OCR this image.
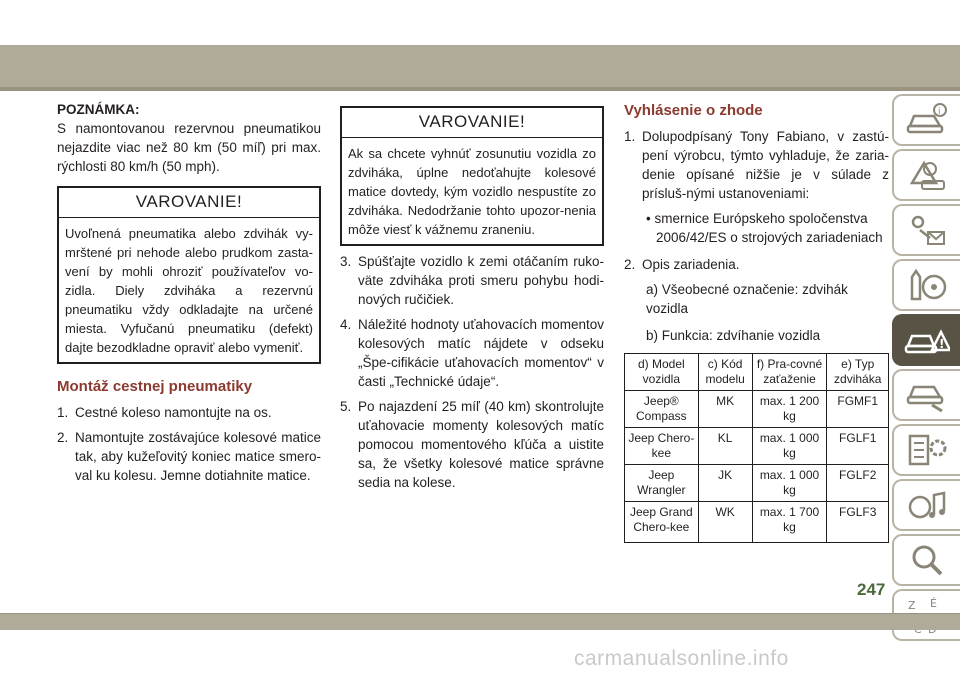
POZNÁMKA:

S namontovanou rezervnou pneumatikou nejazdite viac než 80 km (50 míľ) pri max. rýchlosti 80 km/h (50 mph).

VAROVANIE!
Uvoľnená pneumatika alebo zdvihák vy-mrštené pri nehode alebo prudkom zasta-vení by mohli ohroziť používateľov vo-zidla. Diely zdviháka a rezervnú pneumatiku vždy odkladajte na určené miesta. Vyfučanú pneumatiku (defekt) dajte bezodkladne opraviť alebo vymeniť.
Montáž cestnej pneumatiky
1. Cestné koleso namontujte na os.
2. Namontujte zostávajúce kolesové matice tak, aby kužeľovitý koniec matice smero-val ku kolesu. Jemne dotiahnite matice.
VAROVANIE!
Ak sa chcete vyhnúť zosunutiu vozidla zo zdviháka, úplne nedoťahujte kolesové matice dovtedy, kým vozidlo nespustíte zo zdviháka. Nedodržanie tohto upozor-nenia môže viesť k vážnemu zraneniu.
3. Spúšťajte vozidlo k zemi otáčaním ruko-väte zdviháka proti smeru pohybu hodi-nových ručičiek.
4. Náležité hodnoty uťahovacích momentov kolesových matíc nájdete v odseku „Špe-cifikácie uťahovacích momentov“ v časti „Technické údaje“.
5. Po najazdení 25 míľ (40 km) skontrolujte uťahovacie momenty kolesových matíc pomocou momentového kľúča a uistite sa, že všetky kolesové matice správne sedia na kolese.
Vyhlásenie o zhode
1. Dolupodpísaný Tony Fabiano, v zastú-pení výrobcu, týmto vyhladuje, že zaria-denie opísané nižšie je v súlade z prísluš-nými ustanoveniami:
• smernice Európskeho spoločenstva 2006/42/ES o strojových zariadeniach
2. Opis zariadenia.
a) Všeobecné označenie: zdvihák vozidla
b) Funkcia: zdvíhanie vozidla
d) Model vozidla	c) Kód modelu	f) Pra-covné zaťaženie	e) Typ zdviháka
Jeep® Compass	MK	max. 1 200 kg	FGMF1
Jeep Chero-kee	KL	max. 1 000 kg	FGLF1
Jeep Wrangler	JK	max. 1 000 kg	FGLF2
Jeep Grand Chero-kee	WK	max. 1 700 kg	FGLF3
i
!
Z É
247
carmanualsonline.info
